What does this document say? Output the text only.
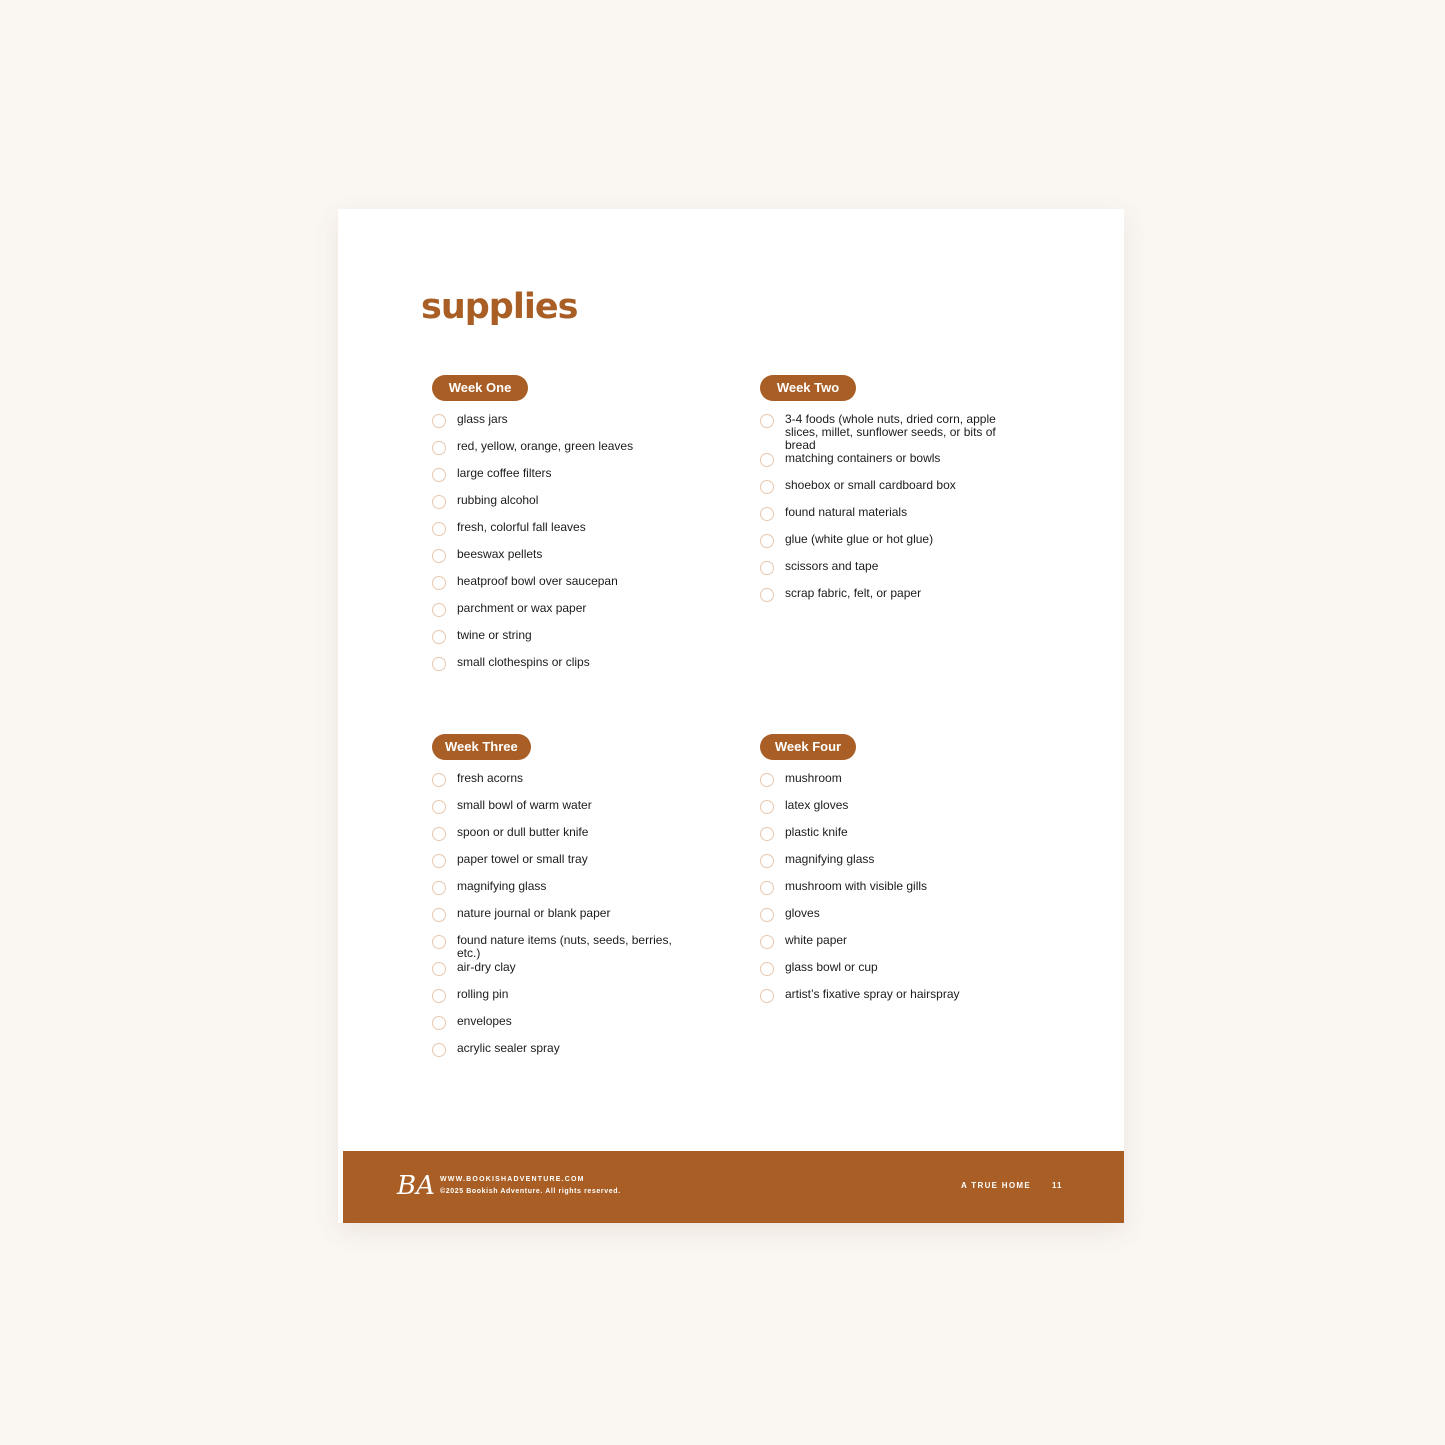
supplies
Week One
glass jars
red, yellow, orange, green leaves
large coffee filters
rubbing alcohol
fresh, colorful fall leaves
beeswax pellets
heatproof bowl over saucepan
parchment or wax paper
twine or string
small clothespins or clips
Week Two
3-4 foods (whole nuts, dried corn, apple slices, millet, sunflower seeds, or bits of bread
matching containers or bowls
shoebox or small cardboard box
found natural materials
glue (white glue or hot glue)
scissors and tape
scrap fabric, felt, or paper
Week Three
fresh acorns
small bowl of warm water
spoon or dull butter knife
paper towel or small tray
magnifying glass
nature journal or blank paper
found nature items (nuts, seeds, berries, etc.)
air-dry clay
rolling pin
envelopes
acrylic sealer spray
Week Four
mushroom
latex gloves
plastic knife
magnifying glass
mushroom with visible gills
gloves
white paper
glass bowl or cup
artist’s fixative spray or hairspray
BA WWW.BOOKISHADVENTURE.COM
©2025 Bookish Adventure. All rights reserved.
A TRUE HOME	11
